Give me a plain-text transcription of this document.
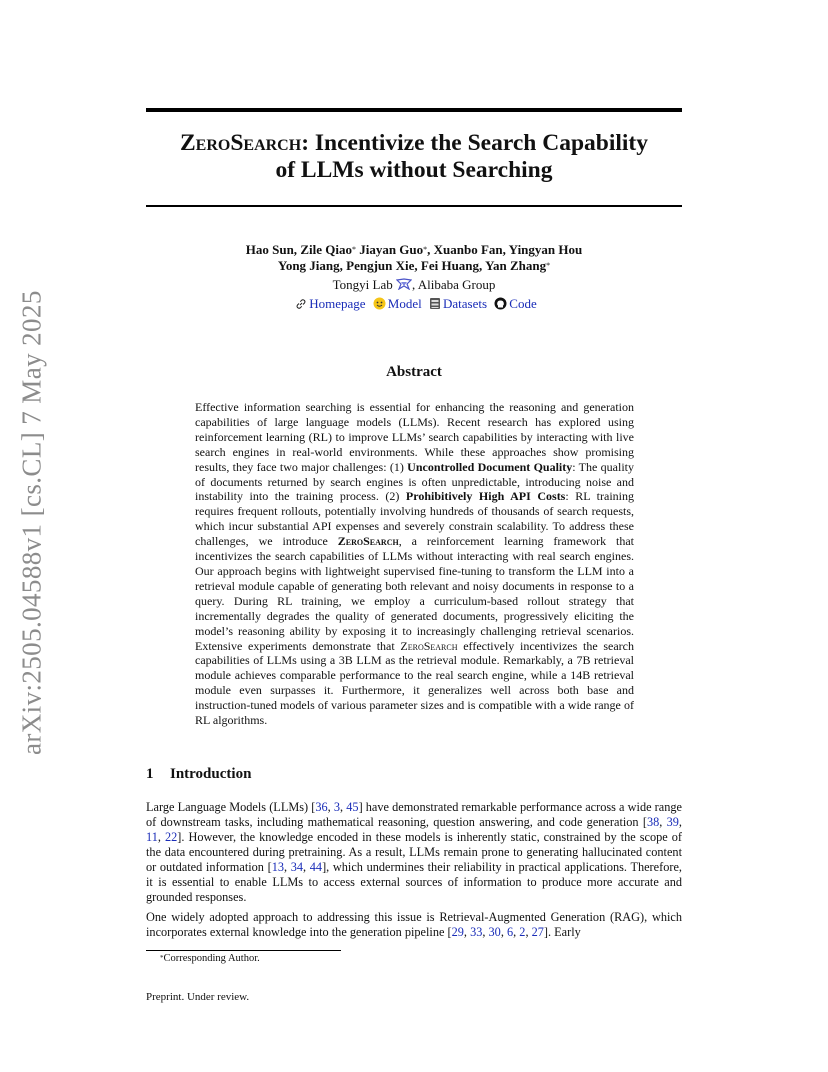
arXiv:2505.04588v1 [cs.CL] 7 May 2025
ZeroSearch: Incentivize the Search Capability
of LLMs without Searching
Hao Sun, Zile Qiao* Jiayan Guo*, Xuanbo Fan, Yingyan Hou
Yong Jiang, Pengjun Xie, Fei Huang, Yan Zhang*
Tongyi Lab , Alibaba Group
Homepage Model Datasets Code
Abstract
Effective information searching is essential for enhancing the reasoning and generation capabilities of large language models (LLMs). Recent research has explored using reinforcement learning (RL) to improve LLMs’ search capabilities by interacting with live search engines in real-world environments. While these approaches show promising results, they face two major challenges: (1) Uncontrolled Document Quality: The quality of documents returned by search engines is often unpredictable, introducing noise and instability into the training process. (2) Prohibitively High API Costs: RL training requires frequent rollouts, potentially involving hundreds of thousands of search requests, which incur substantial API expenses and severely constrain scalability. To address these challenges, we introduce ZeroSearch, a reinforcement learning framework that incentivizes the search capabilities of LLMs without interacting with real search engines. Our approach begins with lightweight supervised fine-tuning to transform the LLM into a retrieval module capable of generating both relevant and noisy documents in response to a query. During RL training, we employ a curriculum-based rollout strategy that incrementally degrades the quality of generated documents, progressively eliciting the model’s reasoning ability by exposing it to increasingly challenging retrieval scenarios. Extensive experiments demonstrate that ZeroSearch effectively incentivizes the search capabilities of LLMs using a 3B LLM as the retrieval module. Remarkably, a 7B retrieval module achieves comparable performance to the real search engine, while a 14B retrieval module even surpasses it. Furthermore, it generalizes well across both base and instruction-tuned models of various parameter sizes and is compatible with a wide range of RL algorithms.
1 Introduction

Large Language Models (LLMs) [36, 3, 45] have demonstrated remarkable performance across a wide range of downstream tasks, including mathematical reasoning, question answering, and code generation [38, 39, 11, 22]. However, the knowledge encoded in these models is inherently static, constrained by the scope of the data encountered during pretraining. As a result, LLMs remain prone to generating hallucinated content or outdated information [13, 34, 44], which undermines their reliability in practical applications. Therefore, it is essential to enable LLMs to access external sources of information to produce more accurate and grounded responses.

One widely adopted approach to addressing this issue is Retrieval-Augmented Generation (RAG), which incorporates external knowledge into the generation pipeline [29, 33, 30, 6, 2, 27]. Early

*Corresponding Author.
Preprint. Under review.
